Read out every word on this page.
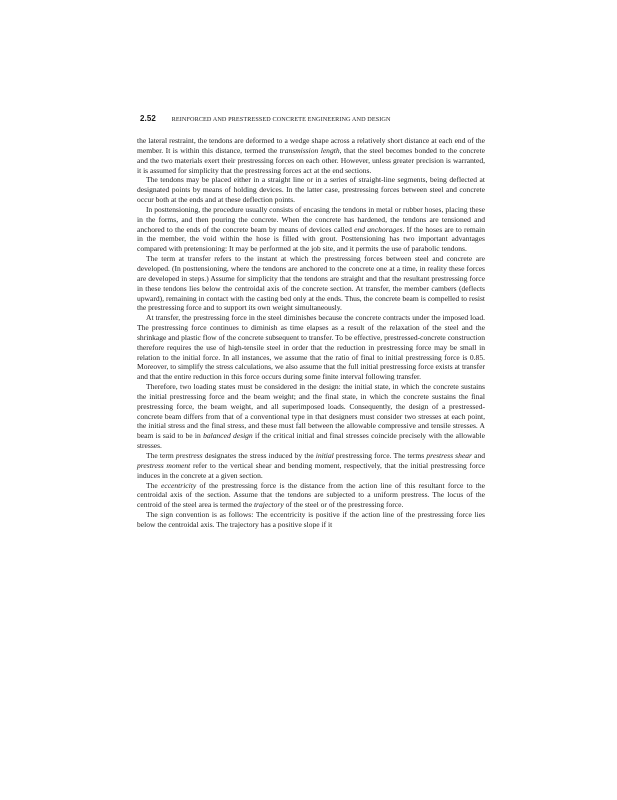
2.52	REINFORCED AND PRESTRESSED CONCRETE ENGINEERING AND DESIGN

the lateral restraint, the tendons are deformed to a wedge shape across a relatively short distance at each end of the member. It is within this distance, termed the transmission length, that the steel becomes bonded to the concrete and the two materials exert their prestressing forces on each other. However, unless greater precision is warranted, it is assumed for simplicity that the prestressing forces act at the end sections.

The tendons may be placed either in a straight line or in a series of straight-line segments, being deflected at designated points by means of holding devices. In the latter case, prestressing forces between steel and concrete occur both at the ends and at these deflection points.

In posttensioning, the procedure usually consists of encasing the tendons in metal or rubber hoses, placing these in the forms, and then pouring the concrete. When the concrete has hardened, the tendons are tensioned and anchored to the ends of the concrete beam by means of devices called end anchorages. If the hoses are to remain in the member, the void within the hose is filled with grout. Posttensioning has two important advantages compared with pretensioning: It may be performed at the job site, and it permits the use of parabolic tendons.

The term at transfer refers to the instant at which the prestressing forces between steel and concrete are developed. (In posttensioning, where the tendons are anchored to the concrete one at a time, in reality these forces are developed in steps.) Assume for simplicity that the tendons are straight and that the resultant prestressing force in these tendons lies below the centroidal axis of the concrete section. At transfer, the member cambers (deflects upward), remaining in contact with the casting bed only at the ends. Thus, the concrete beam is compelled to resist the prestressing force and to support its own weight simultaneously.

At transfer, the prestressing force in the steel diminishes because the concrete contracts under the imposed load. The prestressing force continues to diminish as time elapses as a result of the relaxation of the steel and the shrinkage and plastic flow of the concrete subsequent to transfer. To be effective, prestressed-concrete construction therefore requires the use of high-tensile steel in order that the reduction in prestressing force may be small in relation to the initial force. In all instances, we assume that the ratio of final to initial prestressing force is 0.85. Moreover, to simplify the stress calculations, we also assume that the full initial prestressing force exists at transfer and that the entire reduction in this force occurs during some finite interval following transfer.

Therefore, two loading states must be considered in the design: the initial state, in which the concrete sustains the initial prestressing force and the beam weight; and the final state, in which the concrete sustains the final prestressing force, the beam weight, and all superimposed loads. Consequently, the design of a prestressed-concrete beam differs from that of a conventional type in that designers must consider two stresses at each point, the initial stress and the final stress, and these must fall between the allowable compressive and tensile stresses. A beam is said to be in balanced design if the critical initial and final stresses coincide precisely with the allowable stresses.

The term prestress designates the stress induced by the initial prestressing force. The terms prestress shear and prestress moment refer to the vertical shear and bending moment, respectively, that the initial prestressing force induces in the concrete at a given section.

The eccentricity of the prestressing force is the distance from the action line of this resultant force to the centroidal axis of the section. Assume that the tendons are subjected to a uniform prestress. The locus of the centroid of the steel area is termed the trajectory of the steel or of the prestressing force.

The sign convention is as follows: The eccentricity is positive if the action line of the prestressing force lies below the centroidal axis. The trajectory has a positive slope if it
